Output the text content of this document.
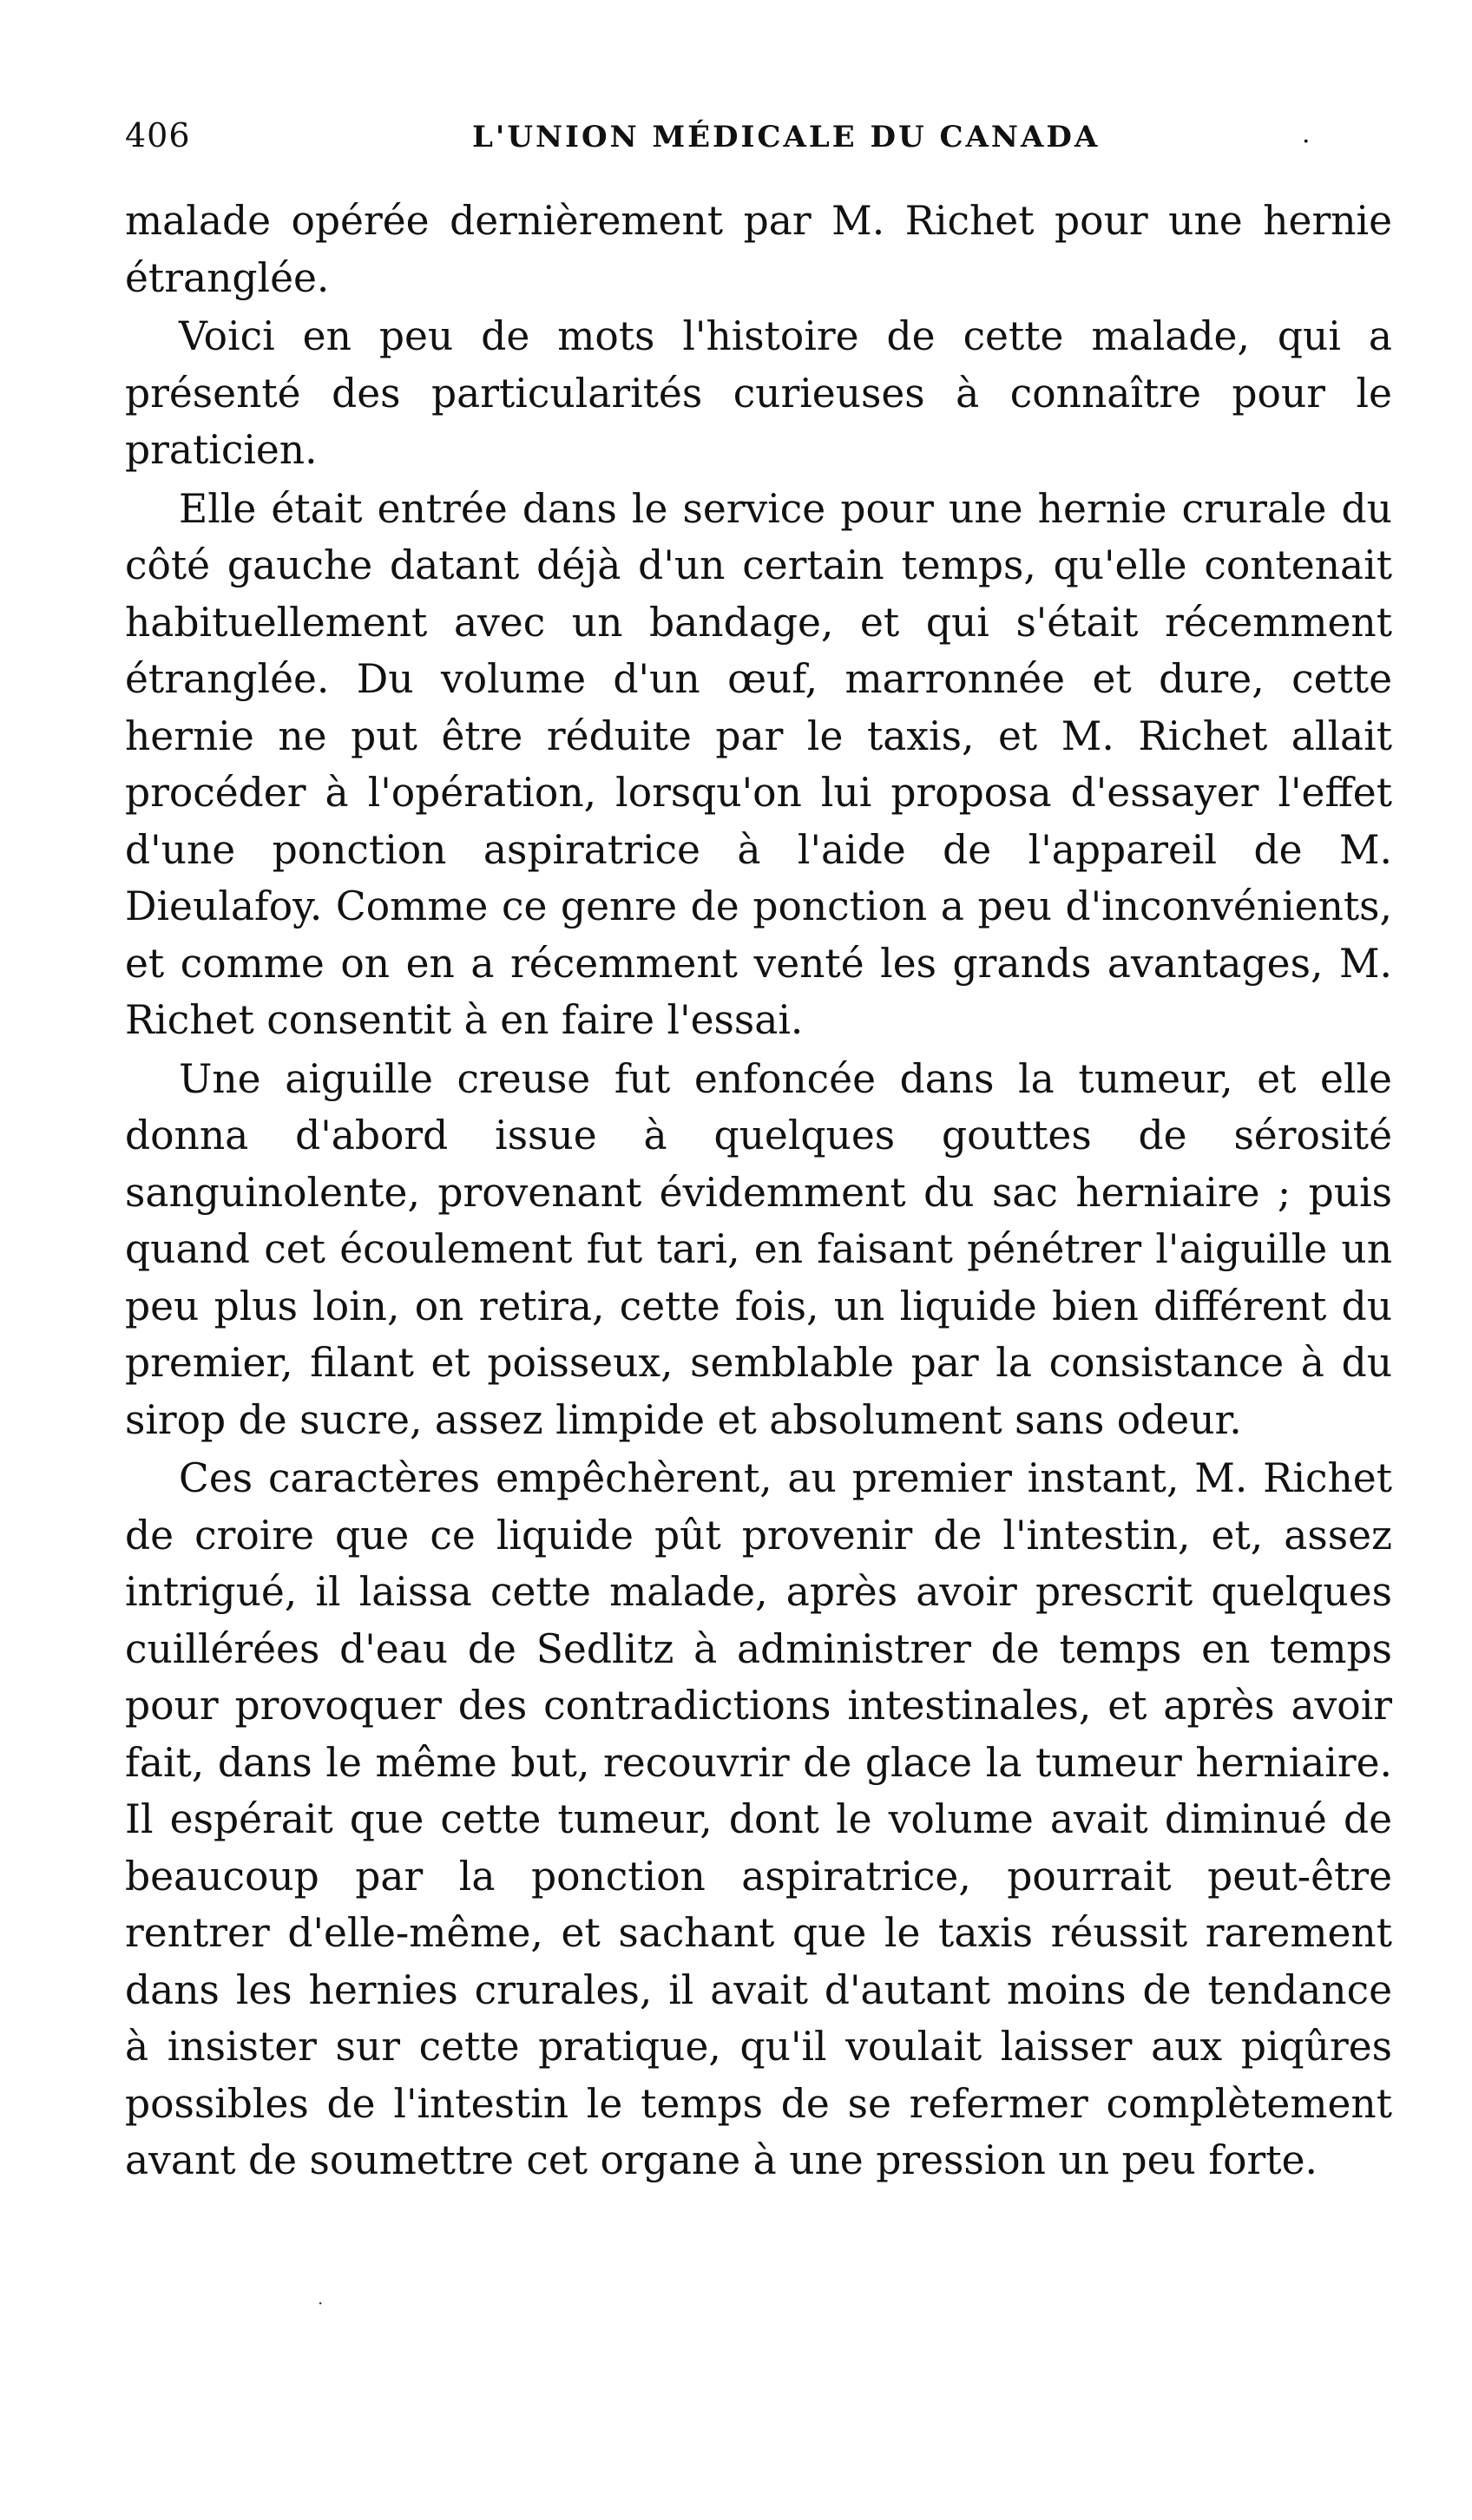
406	L'UNION MÉDICALE DU CANADA	·

malade opérée dernièrement par M. Richet pour une hernie étranglée.

Voici en peu de mots l'histoire de cette malade, qui a présenté des particularités curieuses à connaître pour le praticien.

Elle était entrée dans le service pour une hernie crurale du côté gauche datant déjà d'un certain temps, qu'elle contenait habituellement avec un bandage, et qui s'était récemment étranglée. Du volume d'un œuf, marronnée et dure, cette hernie ne put être réduite par le taxis, et M. Richet allait procéder à l'opération, lorsqu'on lui proposa d'essayer l'effet d'une ponction aspiratrice à l'aide de l'appareil de M. Dieulafoy. Comme ce genre de ponction a peu d'inconvénients, et comme on en a récemment venté les grands avantages, M. Richet consentit à en faire l'essai.

Une aiguille creuse fut enfoncée dans la tumeur, et elle donna d'abord issue à quelques gouttes de sérosité sanguinolente, provenant évidemment du sac herniaire ; puis quand cet écoulement fut tari, en faisant pénétrer l'aiguille un peu plus loin, on retira, cette fois, un liquide bien différent du premier, filant et poisseux, semblable par la consistance à du sirop de sucre, assez limpide et absolument sans odeur.

Ces caractères empêchèrent, au premier instant, M. Richet de croire que ce liquide pût provenir de l'intestin, et, assez intrigué, il laissa cette malade, après avoir prescrit quelques cuillérées d'eau de Sedlitz à administrer de temps en temps pour provoquer des contradictions intestinales, et après avoir fait, dans le même but, recouvrir de glace la tumeur herniaire. Il espérait que cette tumeur, dont le volume avait diminué de beaucoup par la ponction aspiratrice, pourrait peut-être rentrer d'elle-même, et sachant que le taxis réussit rarement dans les hernies crurales, il avait d'autant moins de tendance à insister sur cette pratique, qu'il voulait laisser aux piqûres possibles de l'intestin le temps de se refermer complètement avant de soumettre cet organe à une pression un peu forte.

·
